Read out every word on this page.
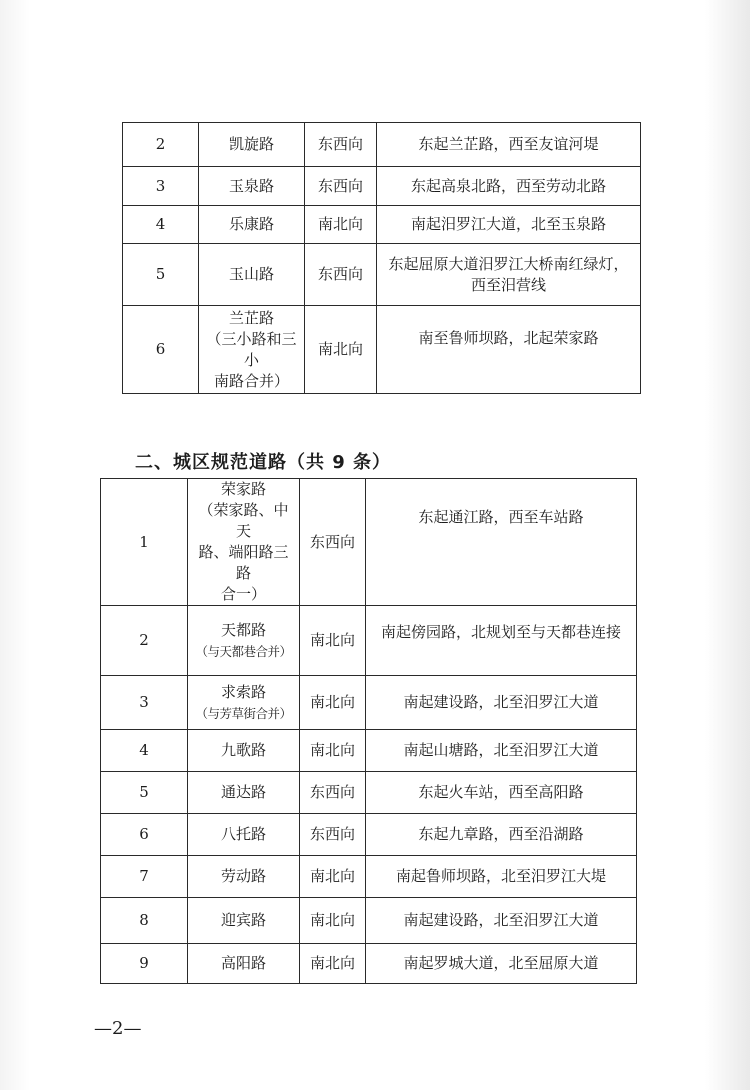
2	凯旋路	东西向	东起兰芷路，西至友谊河堤
3	玉泉路	东西向	东起高泉北路，西至劳动北路
4	乐康路	南北向	南起汨罗江大道，北至玉泉路
5	玉山路	东西向	东起屈原大道汨罗江大桥南红绿灯，
西至汨营线

6	兰芷路
（三小路和三小
南路合并）	南北向	南至鲁师坝路，北起荣家路
二、城区规范道路（共 9 条）
1	荣家路
（荣家路、中天
路、端阳路三路
合一）	东西向	东起通江路，西至车站路
2	天都路
（与天都巷合并）	南北向	南起傍园路，北规划至与天都巷连接
3	求索路
（与芳草街合并）	南北向	南起建设路，北至汨罗江大道
4	九歌路	南北向	南起山塘路，北至汨罗江大道
5	通达路	东西向	东起火车站，西至高阳路
6	八托路	东西向	东起九章路，西至沿湖路
7	劳动路	南北向	南起鲁师坝路，北至汨罗江大堤
8	迎宾路	南北向	南起建设路，北至汨罗江大道
9	高阳路	南北向	南起罗城大道，北至屈原大道
—2—
